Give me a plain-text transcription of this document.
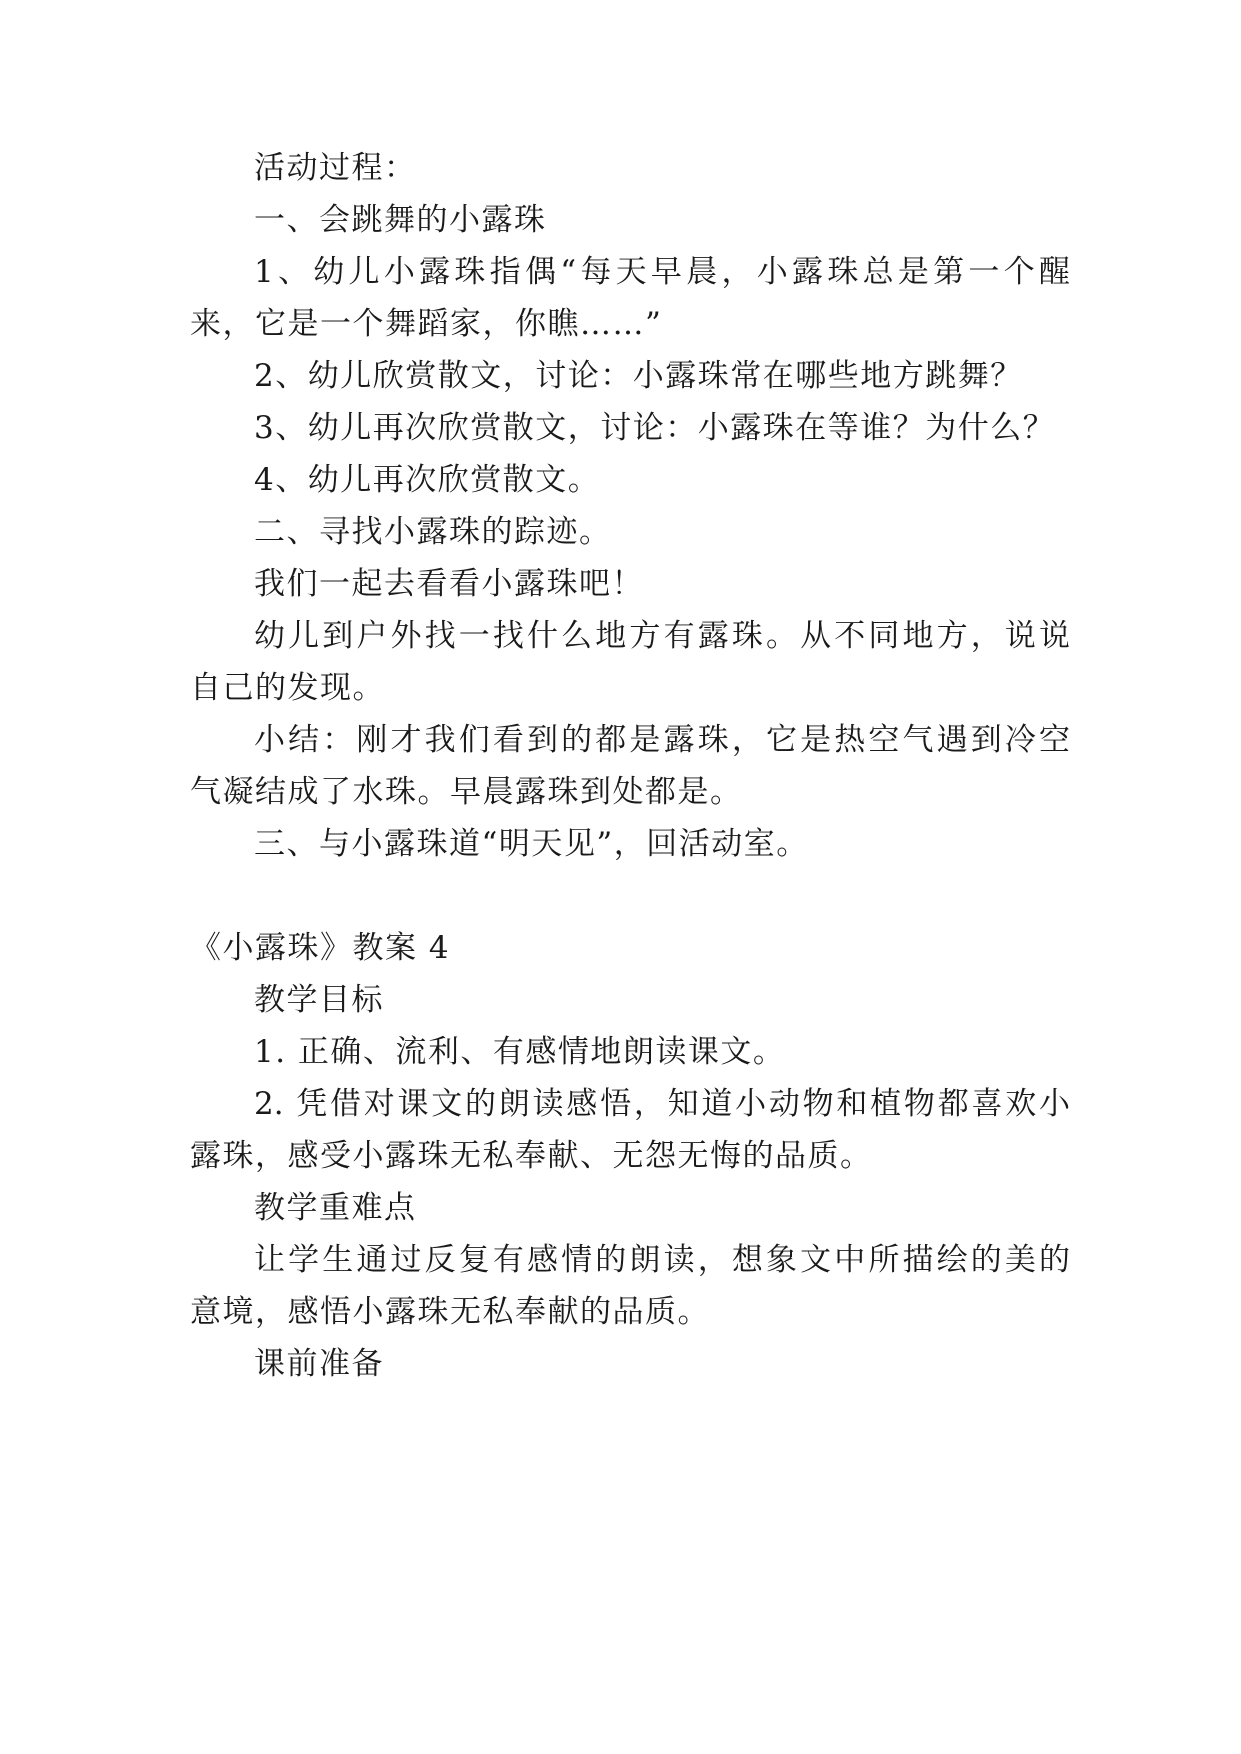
活动过程：
一、会跳舞的小露珠
1、幼儿小露珠指偶“每天早晨，小露珠总是第一个醒
来，它是一个舞蹈家，你瞧……”
2、幼儿欣赏散文，讨论：小露珠常在哪些地方跳舞？
3、幼儿再次欣赏散文，讨论：小露珠在等谁？为什么？
4、幼儿再次欣赏散文。
二、寻找小露珠的踪迹。
我们一起去看看小露珠吧！
幼儿到户外找一找什么地方有露珠。从不同地方，说说
自己的发现。
小结：刚才我们看到的都是露珠，它是热空气遇到冷空
气凝结成了水珠。早晨露珠到处都是。
三、与小露珠道“明天见”，回活动室。
《小露珠》教案 4
教学目标
1. 正确、流利、有感情地朗读课文。
2. 凭借对课文的朗读感悟，知道小动物和植物都喜欢小
露珠，感受小露珠无私奉献、无怨无悔的品质。
教学重难点
让学生通过反复有感情的朗读，想象文中所描绘的美的
意境，感悟小露珠无私奉献的品质。
课前准备
